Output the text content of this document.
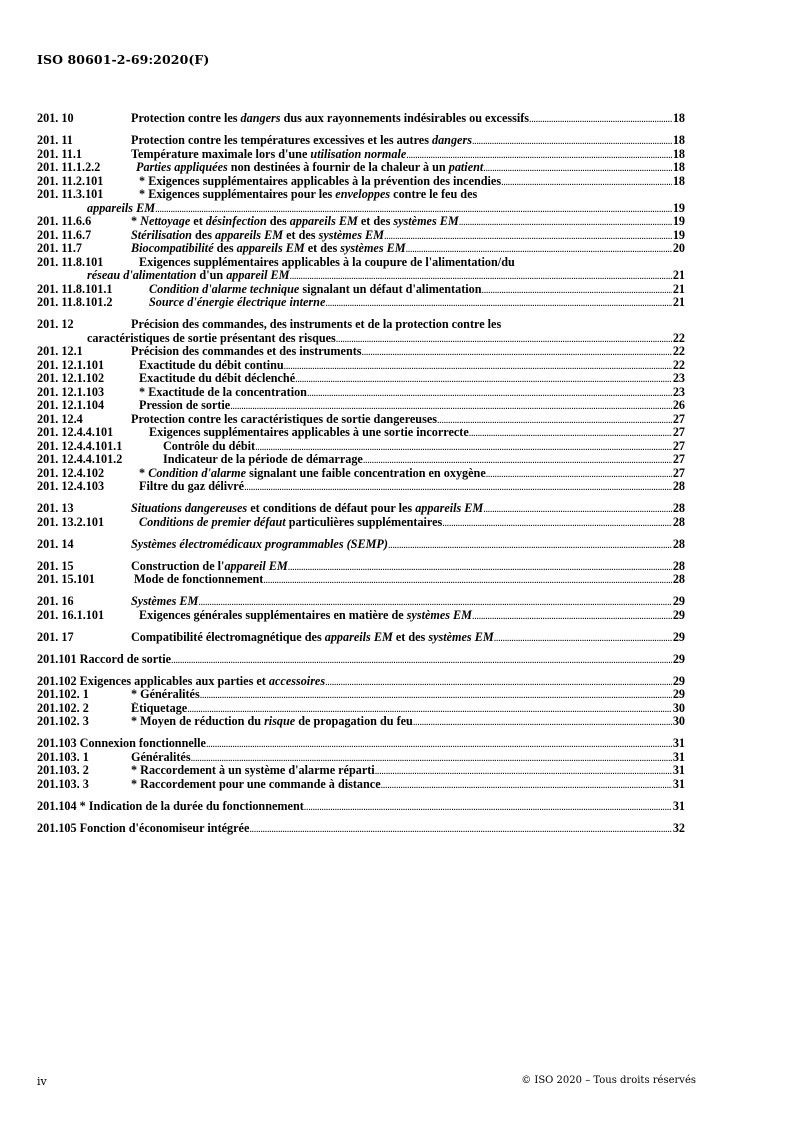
ISO 80601-2-69:2020(F)
201. 10	Protection contre les dangers dus aux rayonnements indésirables ou excessifs .....	18
201. 11	Protection contre les températures excessives et les autres dangers .....	18
201. 11.1	Température maximale lors d'une utilisation normale .....	18
201. 11.1.2.2	Parties appliquées non destinées à fournir de la chaleur à un patient .....	18
201. 11.2.101	* Exigences supplémentaires applicables à la prévention des incendies .....	18
201. 11.3.101	* Exigences supplémentaires pour les enveloppes contre le feu des
appareils EM .....	19
201. 11.6.6	* Nettoyage et désinfection des appareils EM et des systèmes EM .....	19
201. 11.6.7	Stérilisation des appareils EM et des systèmes EM .....	19
201. 11.7	Biocompatibilité des appareils EM et des systèmes EM .....	20
201. 11.8.101	Exigences supplémentaires applicables à la coupure de l'alimentation/du
réseau d'alimentation d'un appareil EM .....	21
201. 11.8.101.1	Condition d'alarme technique signalant un défaut d'alimentation .....	21
201. 11.8.101.2	Source d'énergie électrique interne .....	21
201. 12	Précision des commandes, des instruments et de la protection contre les
caractéristiques de sortie présentant des risques .....	22
201. 12.1	Précision des commandes et des instruments .....	22
201. 12.1.101	Exactitude du débit continu .....	22
201. 12.1.102	Exactitude du débit déclenché .....	23
201. 12.1.103	* Exactitude de la concentration .....	23
201. 12.1.104	Pression de sortie .....	26
201. 12.4	Protection contre les caractéristiques de sortie dangereuses .....	27
201. 12.4.4.101	Exigences supplémentaires applicables à une sortie incorrecte .....	27
201. 12.4.4.101.1	Contrôle du débit .....	27
201. 12.4.4.101.2	Indicateur de la période de démarrage .....	27
201. 12.4.102	* Condition d'alarme signalant une faible concentration en oxygène .....	27
201. 12.4.103	Filtre du gaz délivré .....	28
201. 13	Situations dangereuses et conditions de défaut pour les appareils EM .....	28
201. 13.2.101	Conditions de premier défaut particulières supplémentaires .....	28
201. 14	Systèmes électromédicaux programmables (SEMP) .....	28
201. 15	Construction de l'appareil EM .....	28
201. 15.101	Mode de fonctionnement .....	28
201. 16	Systèmes EM .....	29
201. 16.1.101	Exigences générales supplémentaires en matière de systèmes EM .....	29
201. 17	Compatibilité électromagnétique des appareils EM et des systèmes EM .....	29
201.101 Raccord de sortie .....	29
201.102 Exigences applicables aux parties et accessoires .....	29
201.102. 1	* Généralités .....	29
201.102. 2	Étiquetage .....	30
201.102. 3	* Moyen de réduction du risque de propagation du feu .....	30
201.103 Connexion fonctionnelle .....	31
201.103. 1	Généralités .....	31
201.103. 2	* Raccordement à un système d'alarme réparti .....	31
201.103. 3	* Raccordement pour une commande à distance .....	31
201.104 * Indication de la durée du fonctionnement .....	31
201.105 Fonction d'économiseur intégrée .....	32
iv	© ISO 2020 – Tous droits réservés
